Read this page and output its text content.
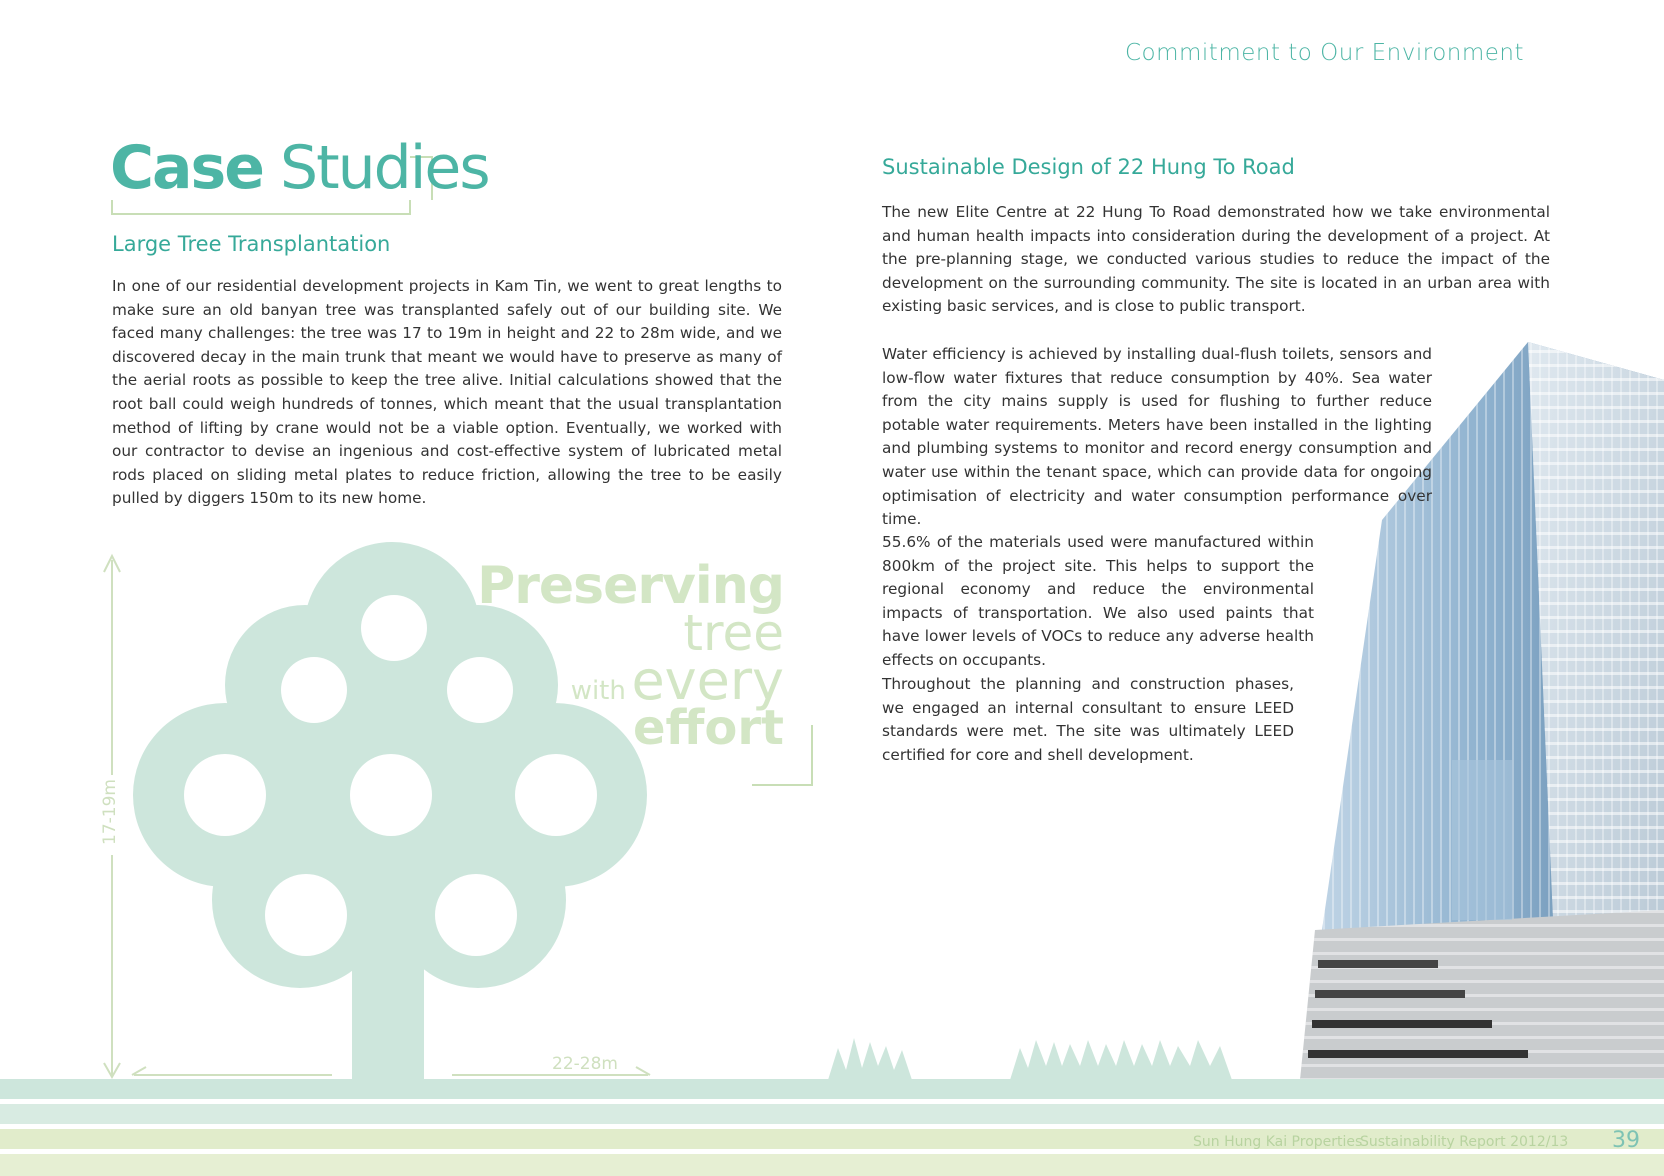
Commitment to Our Environment
Case Studies
Large Tree Transplantation

In one of our residential development projects in Kam Tin, we went to great lengths to make sure an old banyan tree was transplanted safely out of our building site. We faced many challenges: the tree was 17 to 19m in height and 22 to 28m wide, and we discovered decay in the main trunk that meant we would have to preserve as many of the aerial roots as possible to keep the tree alive. Initial calculations showed that the root ball could weigh hundreds of tonnes, which meant that the usual transplantation method of lifting by crane would not be a viable option. Eventually, we worked with our contractor to devise an ingenious and cost-effective system of lubricated metal rods placed on sliding metal plates to reduce friction, allowing the tree to be easily pulled by diggers 150m to its new home.

Preserving
tree
with every
effort
17-19m
22-28m
Sustainable Design of 22 Hung To Road

The new Elite Centre at 22 Hung To Road demonstrated how we take environmental and human health impacts into consideration during the development of a project. At the pre-planning stage, we conducted various studies to reduce the impact of the development on the surrounding community. The site is located in an urban area with existing basic services, and is close to public transport.

Water efficiency is achieved by installing dual-flush toilets, sensors and low-flow water fixtures that reduce consumption by 40%. Sea water from the city mains supply is used for flushing to further reduce potable water requirements. Meters have been installed in the lighting and plumbing systems to monitor and record energy consumption and water use within the tenant space, which can provide data for ongoing optimisation of electricity and water consumption performance over time.

55.6% of the materials used were manufactured within 800km of the project site. This helps to support the regional economy and reduce the environmental impacts of transportation. We also used paints that have lower levels of VOCs to reduce any adverse health effects on occupants.

Throughout the planning and construction phases, we engaged an internal consultant to ensure LEED standards were met. The site was ultimately LEED certified for core and shell development.

Sun Hung Kai Properties
Sustainability Report 2012/13 39
